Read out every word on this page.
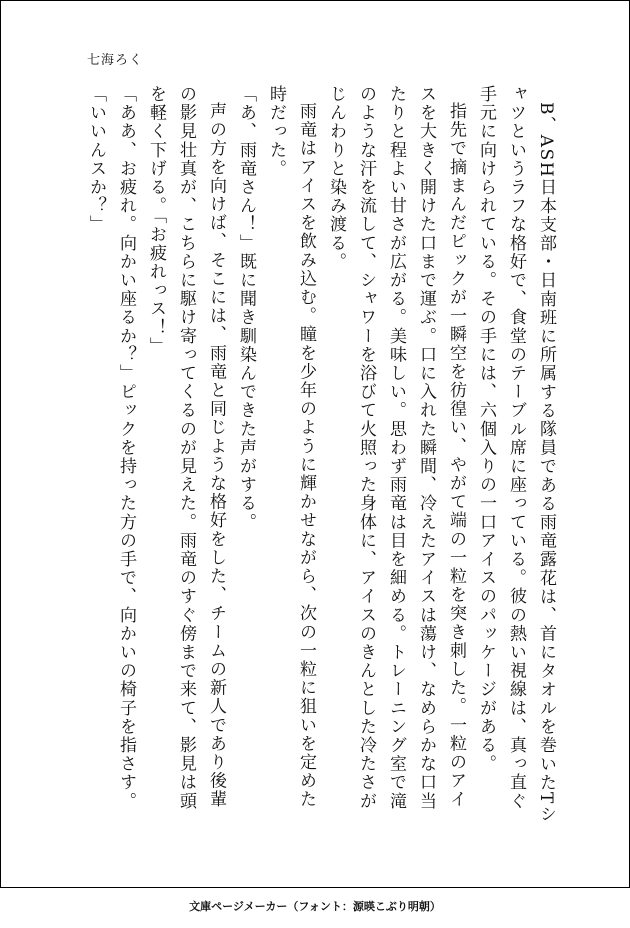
七海ろく

B、ASH日本支部・日南班に所属する隊員である雨竜露花は、首にタオルを巻いたTシャツというラフな格好で、食堂のテーブル席に座っている。彼の熱い視線は、真っ直ぐ手元に向けられている。その手には、六個入りの一口アイスのパッケージがある。

指先で摘まんだピックが一瞬空を彷徨い、やがて端の一粒を突き刺した。一粒のアイスを大きく開けた口まで運ぶ。口に入れた瞬間、冷えたアイスは蕩け、なめらかな口当たりと程よい甘さが広がる。美味しい。思わず雨竜は目を細める。トレーニング室で滝のような汗を流して、シャワーを浴びて火照った身体に、アイスのきんとした冷たさがじんわりと染み渡る。

雨竜はアイスを飲み込む。瞳を少年のように輝かせながら、次の一粒に狙いを定めた時だった。

「あ、雨竜さん！」既に聞き馴染んできた声がする。

声の方を向けば、そこには、雨竜と同じような格好をした、チームの新人であり後輩の影見壮真が、こちらに駆け寄ってくるのが見えた。雨竜のすぐ傍まで来て、影見は頭を軽く下げる。「お疲れっス！」

「ああ、お疲れ。向かい座るか？」ピックを持った方の手で、向かいの椅子を指さす。

「いいんスか？」

文庫ページメーカー（フォント：源暎こぶり明朝）
